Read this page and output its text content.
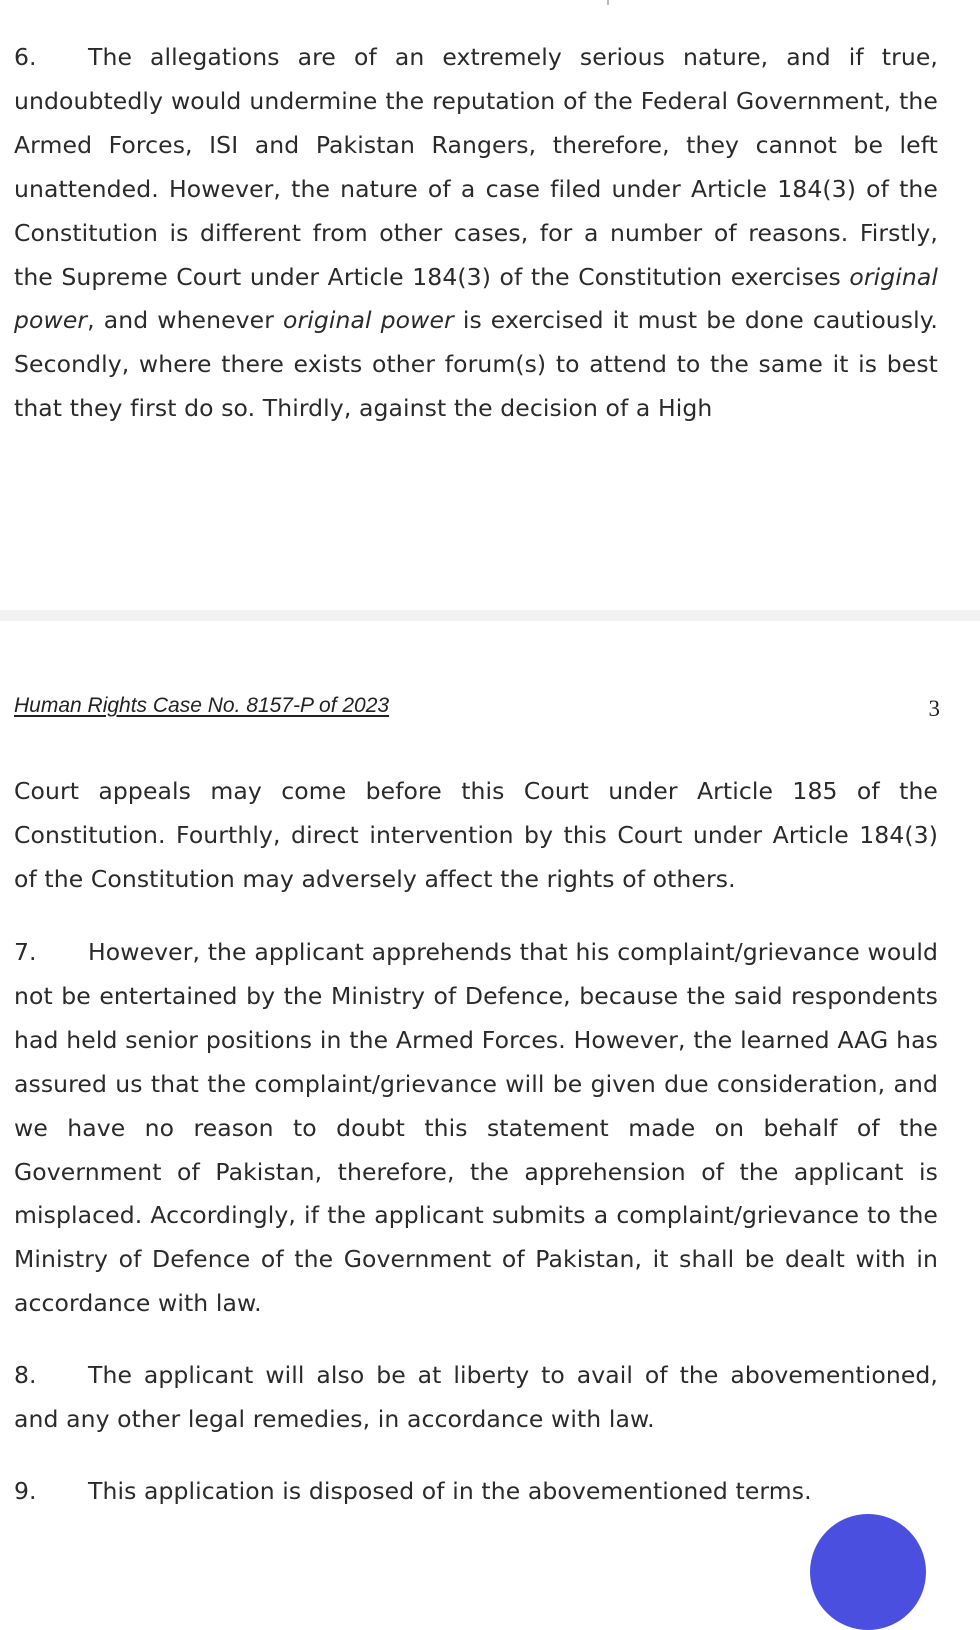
6. The allegations are of an extremely serious nature, and if true, undoubtedly would undermine the reputation of the Federal Government, the Armed Forces, ISI and Pakistan Rangers, therefore, they cannot be left unattended. However, the nature of a case filed under Article 184(3) of the Constitution is different from other cases, for a number of reasons. Firstly, the Supreme Court under Article 184(3) of the Constitution exercises original power, and whenever original power is exercised it must be done cautiously. Secondly, where there exists other forum(s) to attend to the same it is best that they first do so. Thirdly, against the decision of a High

Human Rights Case No. 8157-P of 2023	3

Court appeals may come before this Court under Article 185 of the Constitution. Fourthly, direct intervention by this Court under Article 184(3) of the Constitution may adversely affect the rights of others.

7. However, the applicant apprehends that his complaint/grievance would not be entertained by the Ministry of Defence, because the said respondents had held senior positions in the Armed Forces. However, the learned AAG has assured us that the complaint/grievance will be given due consideration, and we have no reason to doubt this statement made on behalf of the Government of Pakistan, therefore, the apprehension of the applicant is misplaced. Accordingly, if the applicant submits a complaint/grievance to the Ministry of Defence of the Government of Pakistan, it shall be dealt with in accordance with law.

8. The applicant will also be at liberty to avail of the abovementioned, and any other legal remedies, in accordance with law.

9. This application is disposed of in the abovementioned terms.
